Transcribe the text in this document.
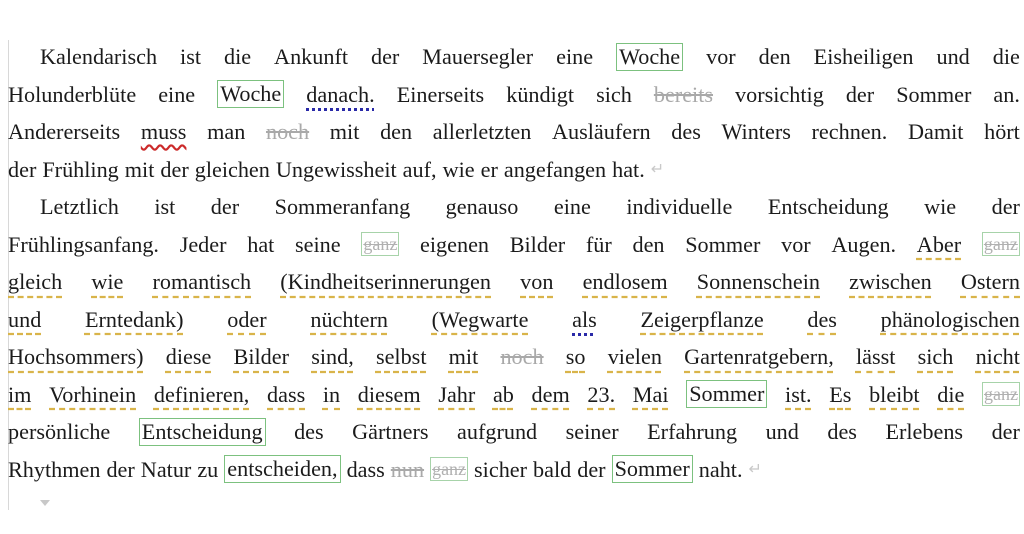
Kalendarisch ist die Ankunft der Mauersegler eine Woche vor den Eisheiligen und die
Holunderblüte eine Woche danach. Einerseits kündigt sich bereits vorsichtig der Sommer an.
Andererseits muss man noch mit den allerletzten Ausläufern des Winters rechnen. Damit hört
der Frühling mit der gleichen Ungewissheit auf, wie er angefangen hat. ↵
Letztlich ist der Sommeranfang genauso eine individuelle Entscheidung wie der
Frühlingsanfang. Jeder hat seine ganz eigenen Bilder für den Sommer vor Augen. Aber ganz
gleich wie romantisch (Kindheitserinnerungen von endlosem Sonnenschein zwischen Ostern
und Erntedank) oder nüchtern (Wegwarte als Zeigerpflanze des phänologischen
Hochsommers) diese Bilder sind, selbst mit noch so vielen Gartenratgebern, lässt sich nicht
im Vorhinein definieren, dass in diesem Jahr ab dem 23. Mai Sommer ist. Es bleibt die ganz
persönliche Entscheidung des Gärtners aufgrund seiner Erfahrung und des Erlebens der
Rhythmen der Natur zu entscheiden, dass nun ganz sicher bald der Sommer naht. ↵
